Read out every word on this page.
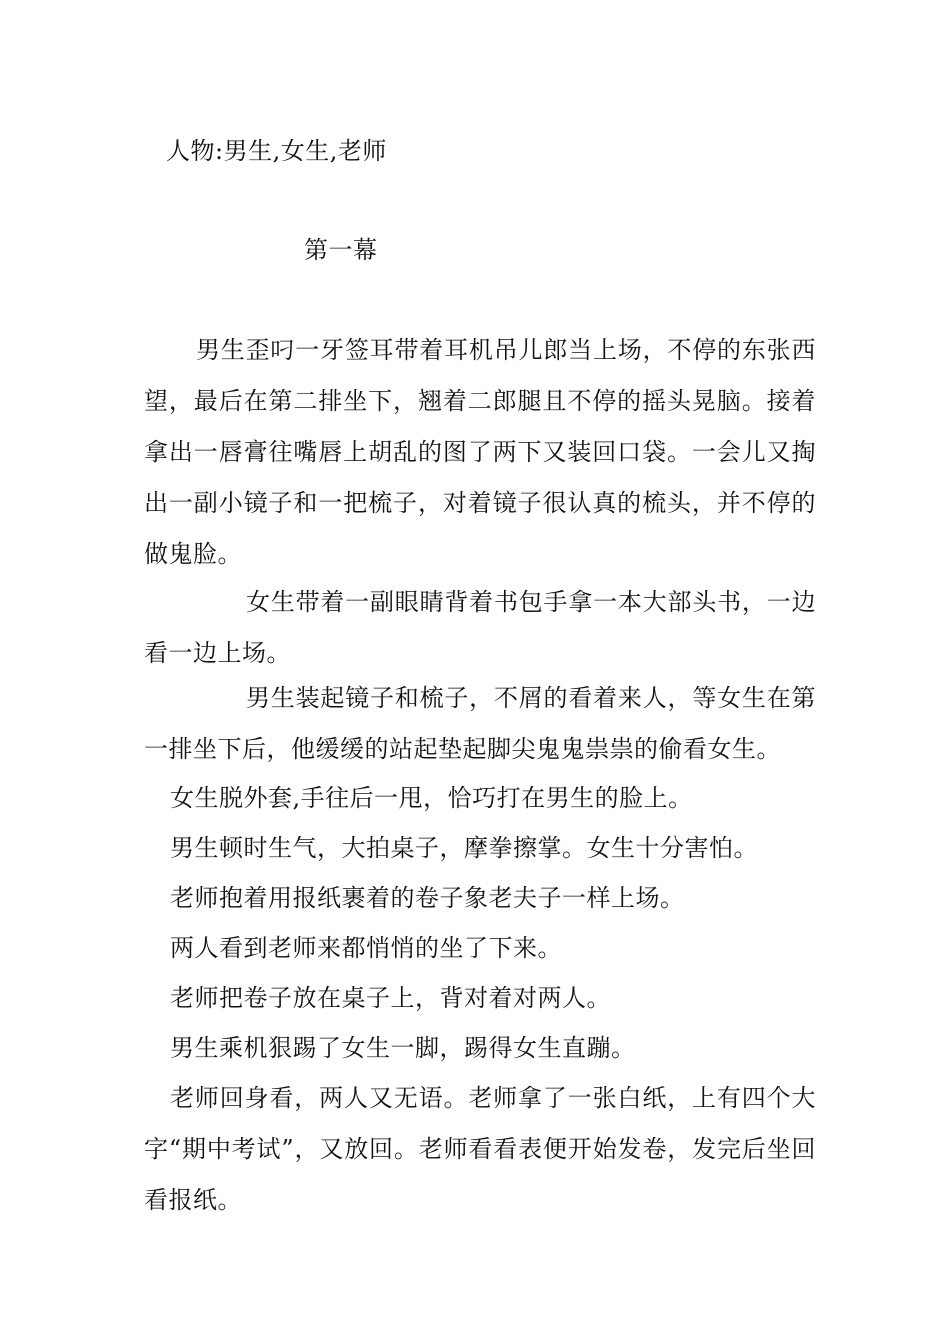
人物:男生,女生,老师
第一幕
男生歪叼一牙签耳带着耳机吊儿郎当上场，不停的东张西望，最后在第二排坐下，翘着二郎腿且不停的摇头晃脑。接着拿出一唇膏往嘴唇上胡乱的图了两下又装回口袋。一会儿又掏出一副小镜子和一把梳子，对着镜子很认真的梳头，并不停的做鬼脸。
女生带着一副眼睛背着书包手拿一本大部头书，一边看一边上场。
男生装起镜子和梳子，不屑的看着来人，等女生在第一排坐下后，他缓缓的站起垫起脚尖鬼鬼祟祟的偷看女生。
女生脱外套,手往后一甩，恰巧打在男生的脸上。
男生顿时生气，大拍桌子，摩拳擦掌。女生十分害怕。
老师抱着用报纸裹着的卷子象老夫子一样上场。
两人看到老师来都悄悄的坐了下来。
老师把卷子放在桌子上，背对着对两人。
男生乘机狠踢了女生一脚，踢得女生直蹦。
老师回身看，两人又无语。老师拿了一张白纸，上有四个大字“期中考试”，又放回。老师看看表便开始发卷，发完后坐回看报纸。
